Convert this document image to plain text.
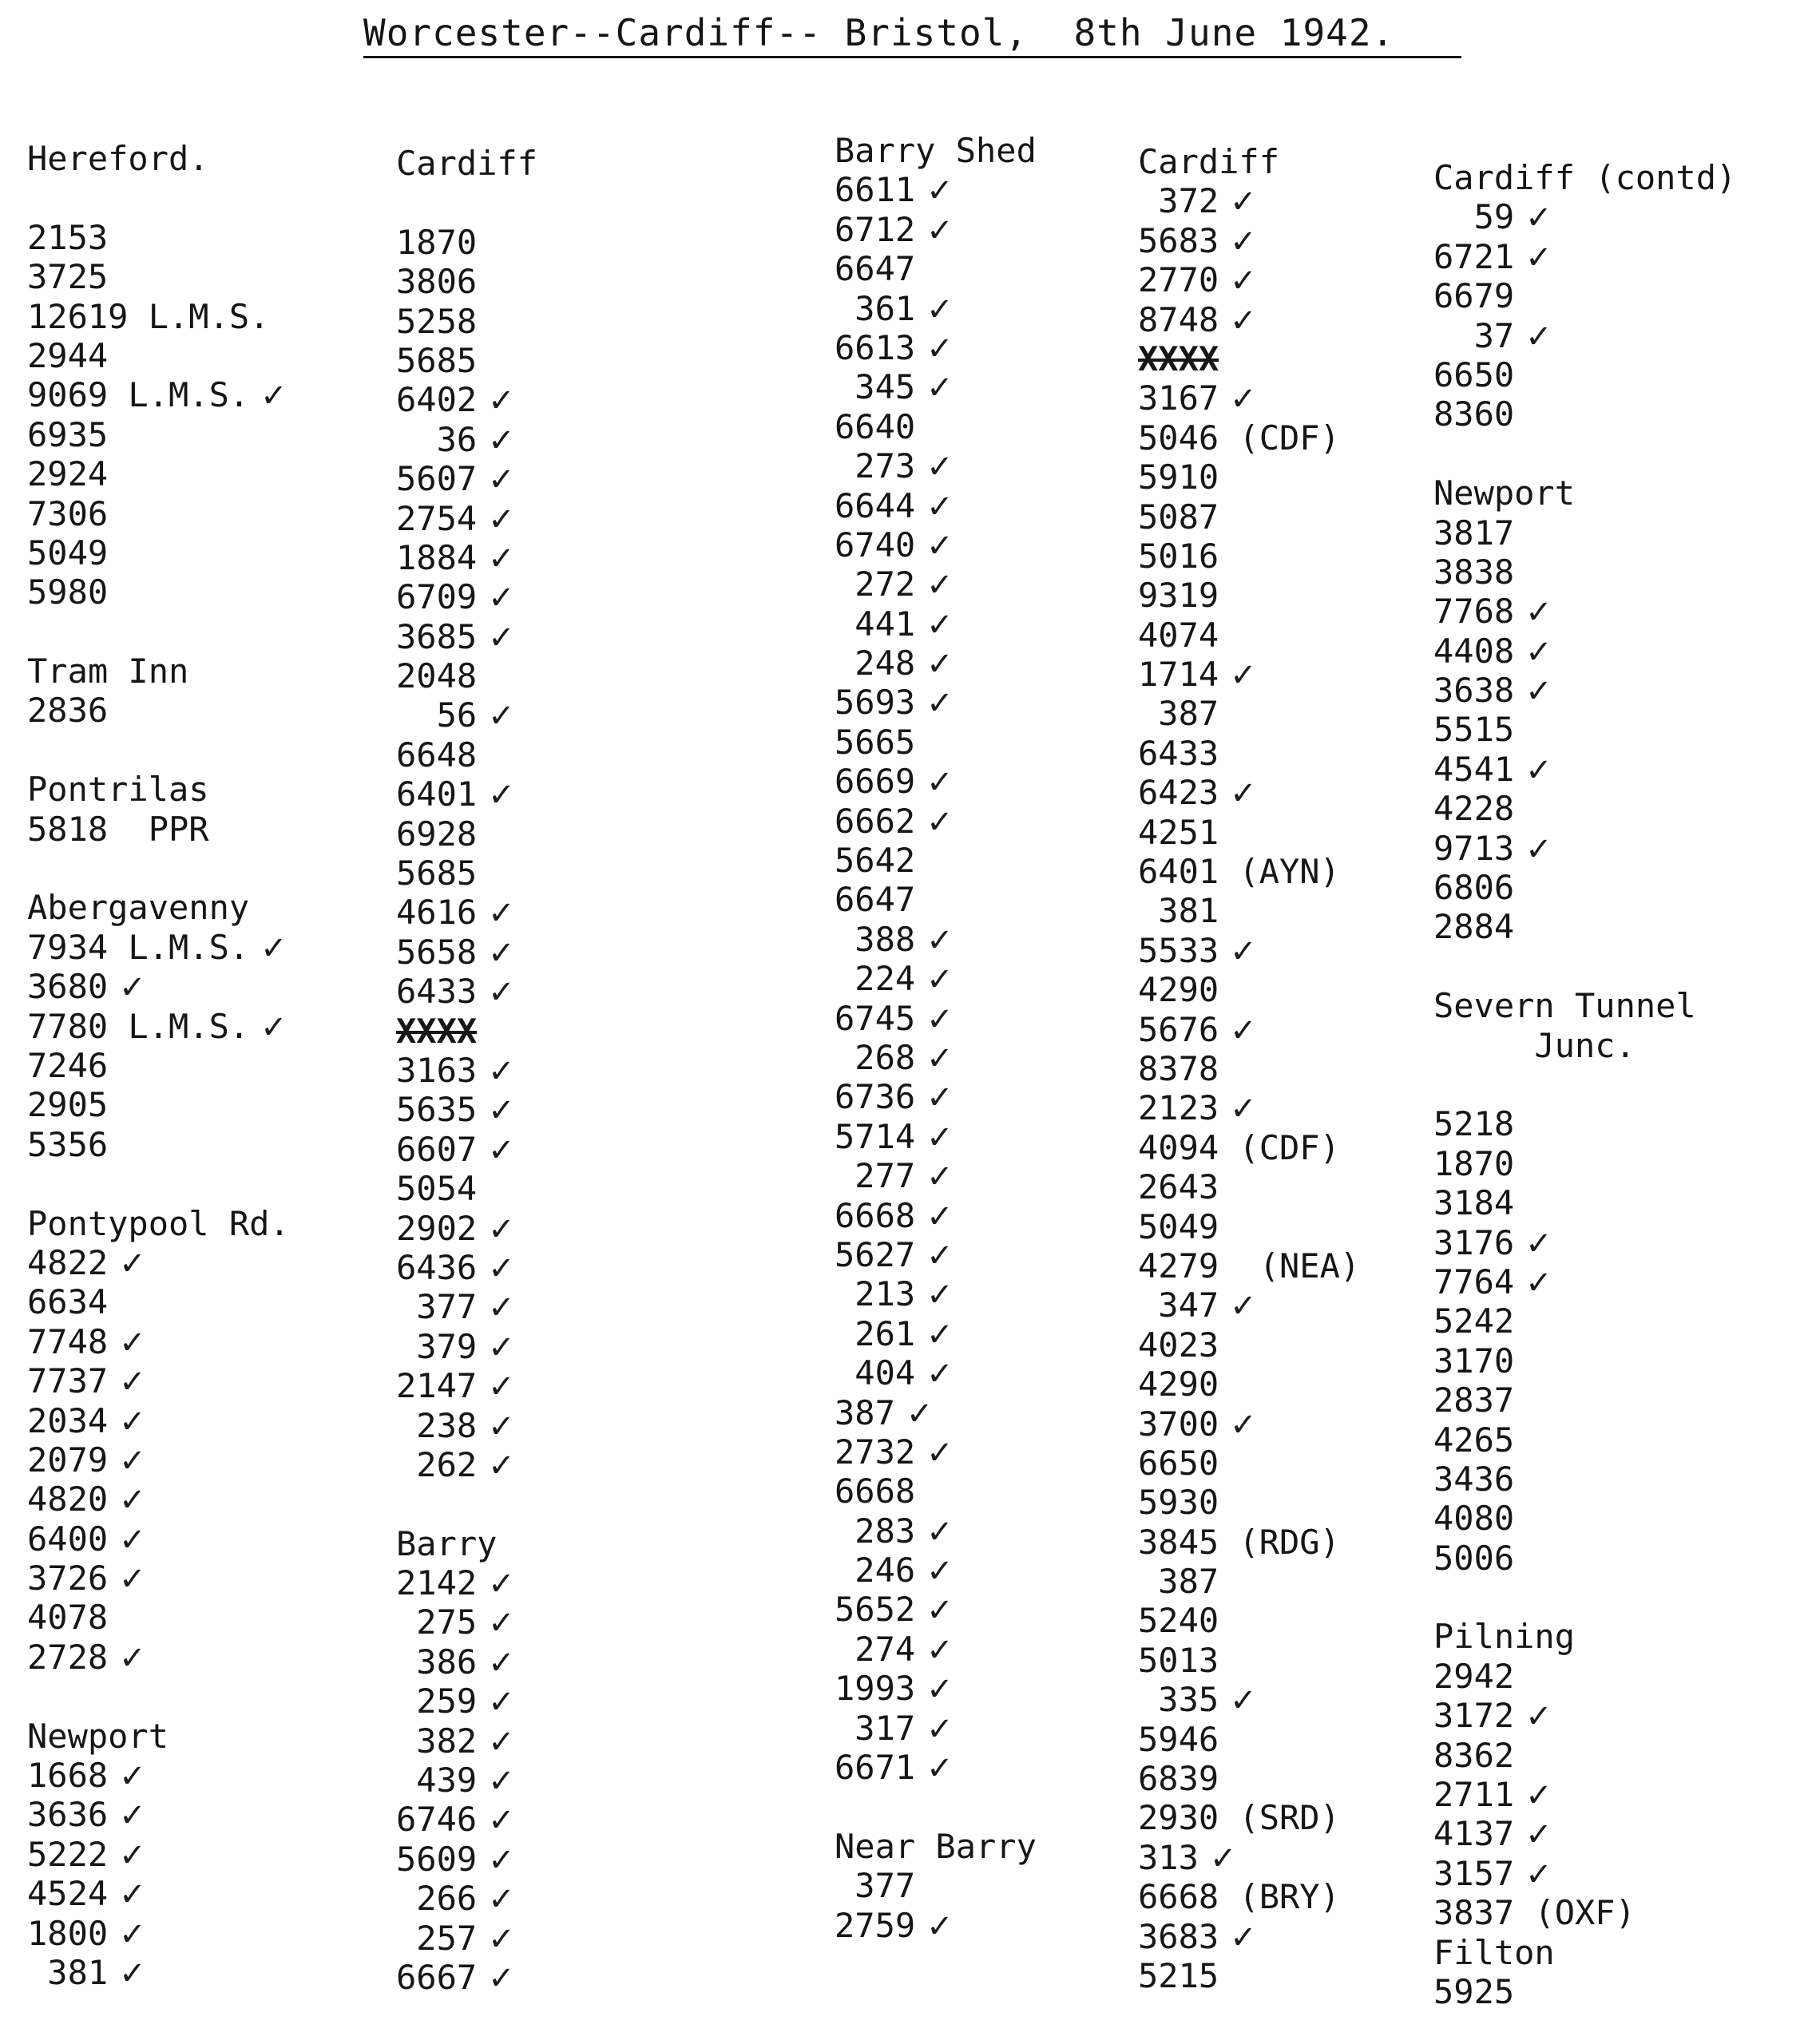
Worcester--Cardiff-- Bristol,  8th June 1942.
Hereford.
2153
3725
12619 L.M.S.
2944
9069 L.M.S. ✓
6935
2924
7306
5049
5980
Tram Inn
2836
Pontrilas
5818  PPR
Abergavenny
7934 L.M.S. ✓
3680 ✓
7780 L.M.S. ✓
7246
2905
5356
Pontypool Rd.
4822 ✓
6634
7748 ✓
7737 ✓
2034 ✓
2079 ✓
4820 ✓
6400 ✓
3726 ✓
4078
2728 ✓
Newport
1668 ✓
3636 ✓
5222 ✓
4524 ✓
1800 ✓
381 ✓
Cardiff
1870
3806
5258
5685
6402 ✓
36 ✓
5607 ✓
2754 ✓
1884 ✓
6709 ✓
3685 ✓
2048
56 ✓
6648
6401 ✓
6928
5685
4616 ✓
5658 ✓
6433 ✓
XXXX
3163 ✓
5635 ✓
6607 ✓
5054
2902 ✓
6436 ✓
377 ✓
379 ✓
2147 ✓
238 ✓
262 ✓
Barry
2142 ✓
275 ✓
386 ✓
259 ✓
382 ✓
439 ✓
6746 ✓
5609 ✓
266 ✓
257 ✓
6667 ✓
Barry Shed
6611 ✓
6712 ✓
6647
361 ✓
6613 ✓
345 ✓
6640
273 ✓
6644 ✓
6740 ✓
272 ✓
441 ✓
248 ✓
5693 ✓
5665
6669 ✓
6662 ✓
5642
6647
388 ✓
224 ✓
6745 ✓
268 ✓
6736 ✓
5714 ✓
277 ✓
6668 ✓
5627 ✓
213 ✓
261 ✓
404 ✓
387 ✓
2732 ✓
6668
283 ✓
246 ✓
5652 ✓
274 ✓
1993 ✓
317 ✓
6671 ✓
Near Barry
377
2759 ✓
Cardiff
372 ✓
5683 ✓
2770 ✓
8748 ✓
XXXX
3167 ✓
5046 (CDF)
5910
5087
5016
9319
4074
1714 ✓
387
6433
6423 ✓
4251
6401 (AYN)
381
5533 ✓
4290
5676 ✓
8378
2123 ✓
4094 (CDF)
2643
5049
4279  (NEA)
347 ✓
4023
4290
3700 ✓
6650
5930
3845 (RDG)
387
5240
5013
335 ✓
5946
6839
2930 (SRD)
313 ✓
6668 (BRY)
3683 ✓
5215
Cardiff (contd)
59 ✓
6721 ✓
6679
37 ✓
6650
8360
Newport
3817
3838
7768 ✓
4408 ✓
3638 ✓
5515
4541 ✓
4228
9713 ✓
6806
2884
Severn Tunnel
Junc.
5218
1870
3184
3176 ✓
7764 ✓
5242
3170
2837
4265
3436
4080
5006
Pilning
2942
3172 ✓
8362
2711 ✓
4137 ✓
3157 ✓
3837 (OXF)
Filton
5925
